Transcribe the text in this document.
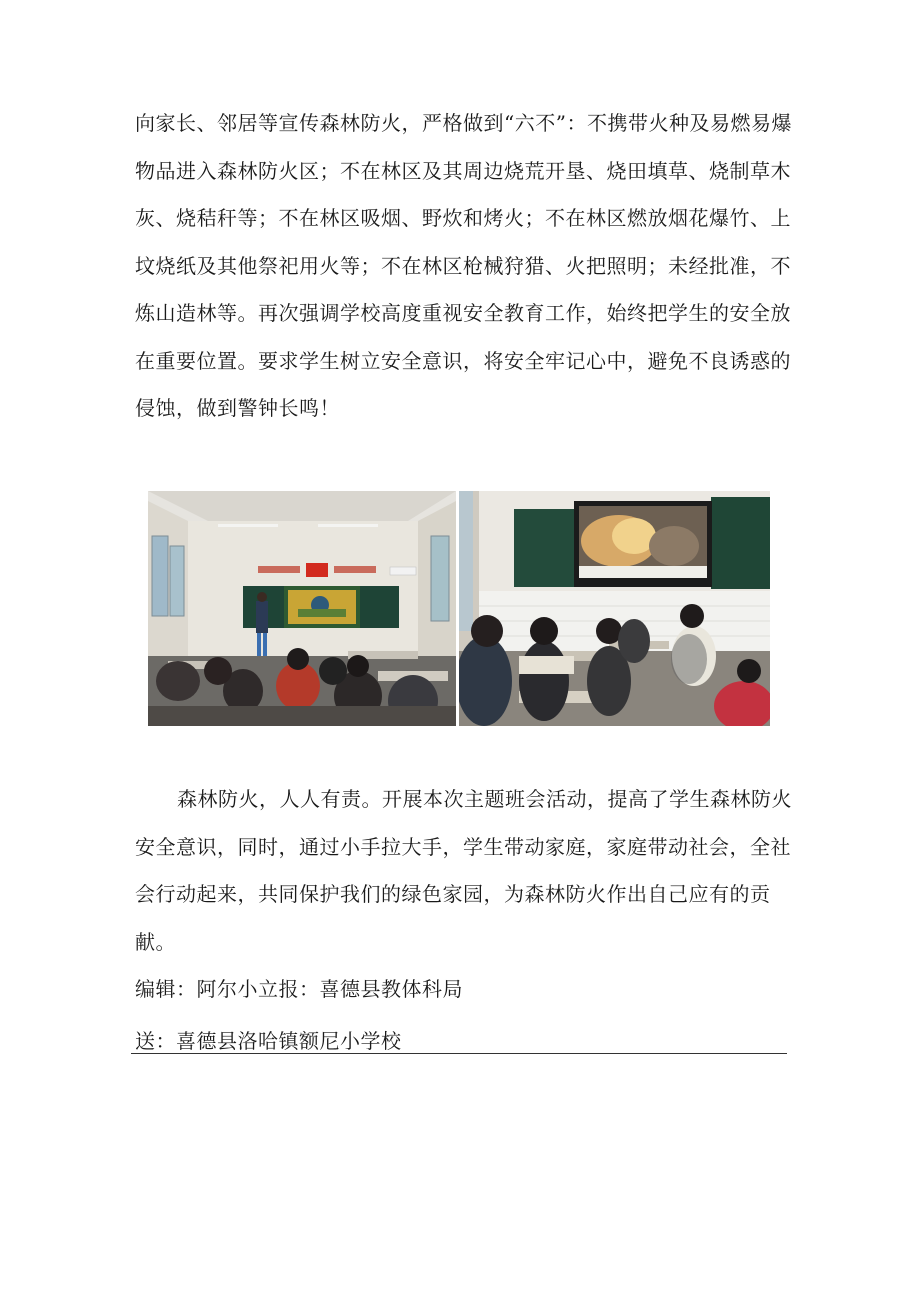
向家长、邻居等宣传森林防火，严格做到“六不”：不携带火种及易燃易爆物品进入森林防火区；不在林区及其周边烧荒开垦、烧田填草、烧制草木灰、烧秸秆等；不在林区吸烟、野炊和烤火；不在林区燃放烟花爆竹、上坟烧纸及其他祭祀用火等；不在林区枪械狩猎、火把照明；未经批准，不炼山造林等。再次强调学校高度重视安全教育工作，始终把学生的安全放在重要位置。要求学生树立安全意识，将安全牢记心中，避免不良诱惑的侵蚀，做到警钟长鸣！

森林防火，人人有责。开展本次主题班会活动，提高了学生森林防火安全意识，同时，通过小手拉大手，学生带动家庭，家庭带动社会，全社会行动起来，共同保护我们的绿色家园，为森林防火作出自己应有的贡献。

编辑：阿尔小立报：喜德县教体科局

送：喜德县洛哈镇额尼小学校
